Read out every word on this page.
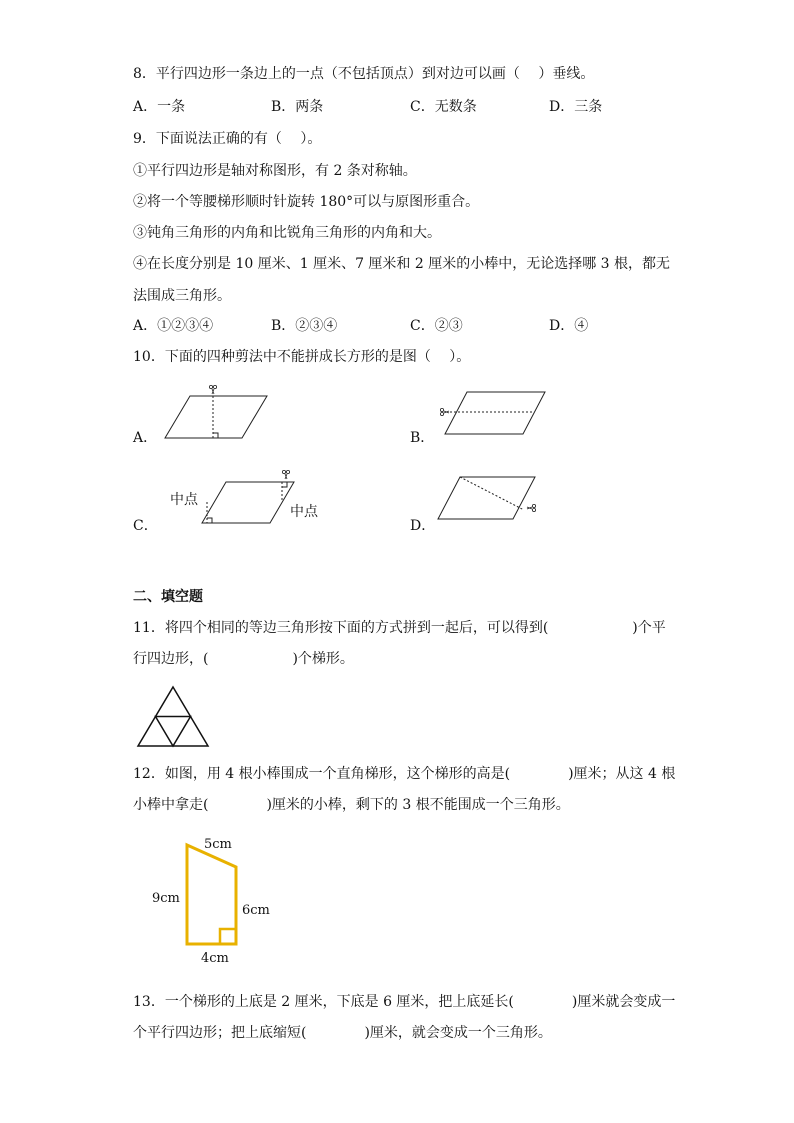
8．平行四边形一条边上的一点（不包括顶点）到对边可以画（　 ）垂线。
A．一条	B．两条	C．无数条	D．三条
9．下面说法正确的有（　 ）。
①平行四边形是轴对称图形，有 2 条对称轴。
②将一个等腰梯形顺时针旋转 180°可以与原图形重合。
③钝角三角形的内角和比锐角三角形的内角和大。
④在长度分别是 10 厘米、1 厘米、7 厘米和 2 厘米的小棒中，无论选择哪 3 根，都无
法围成三角形。
A．①②③④	B．②③④	C．②③	D．④
10．下面的四种剪法中不能拼成长方形的是图（　 ）。
A．	B．
C．
中点
中点
D．
二、填空题
11．将四个相同的等边三角形按下面的方式拼到一起后，可以得到(	)个平
行四边形，(	)个梯形。
12．如图，用 4 根小棒围成一个直角梯形，这个梯形的高是(	)厘米；从这 4 根
小棒中拿走(	)厘米的小棒，剩下的 3 根不能围成一个三角形。
5cm
9cm
6cm
4cm
13．一个梯形的上底是 2 厘米，下底是 6 厘米，把上底延长(	)厘米就会变成一
个平行四边形；把上底缩短(	)厘米，就会变成一个三角形。
